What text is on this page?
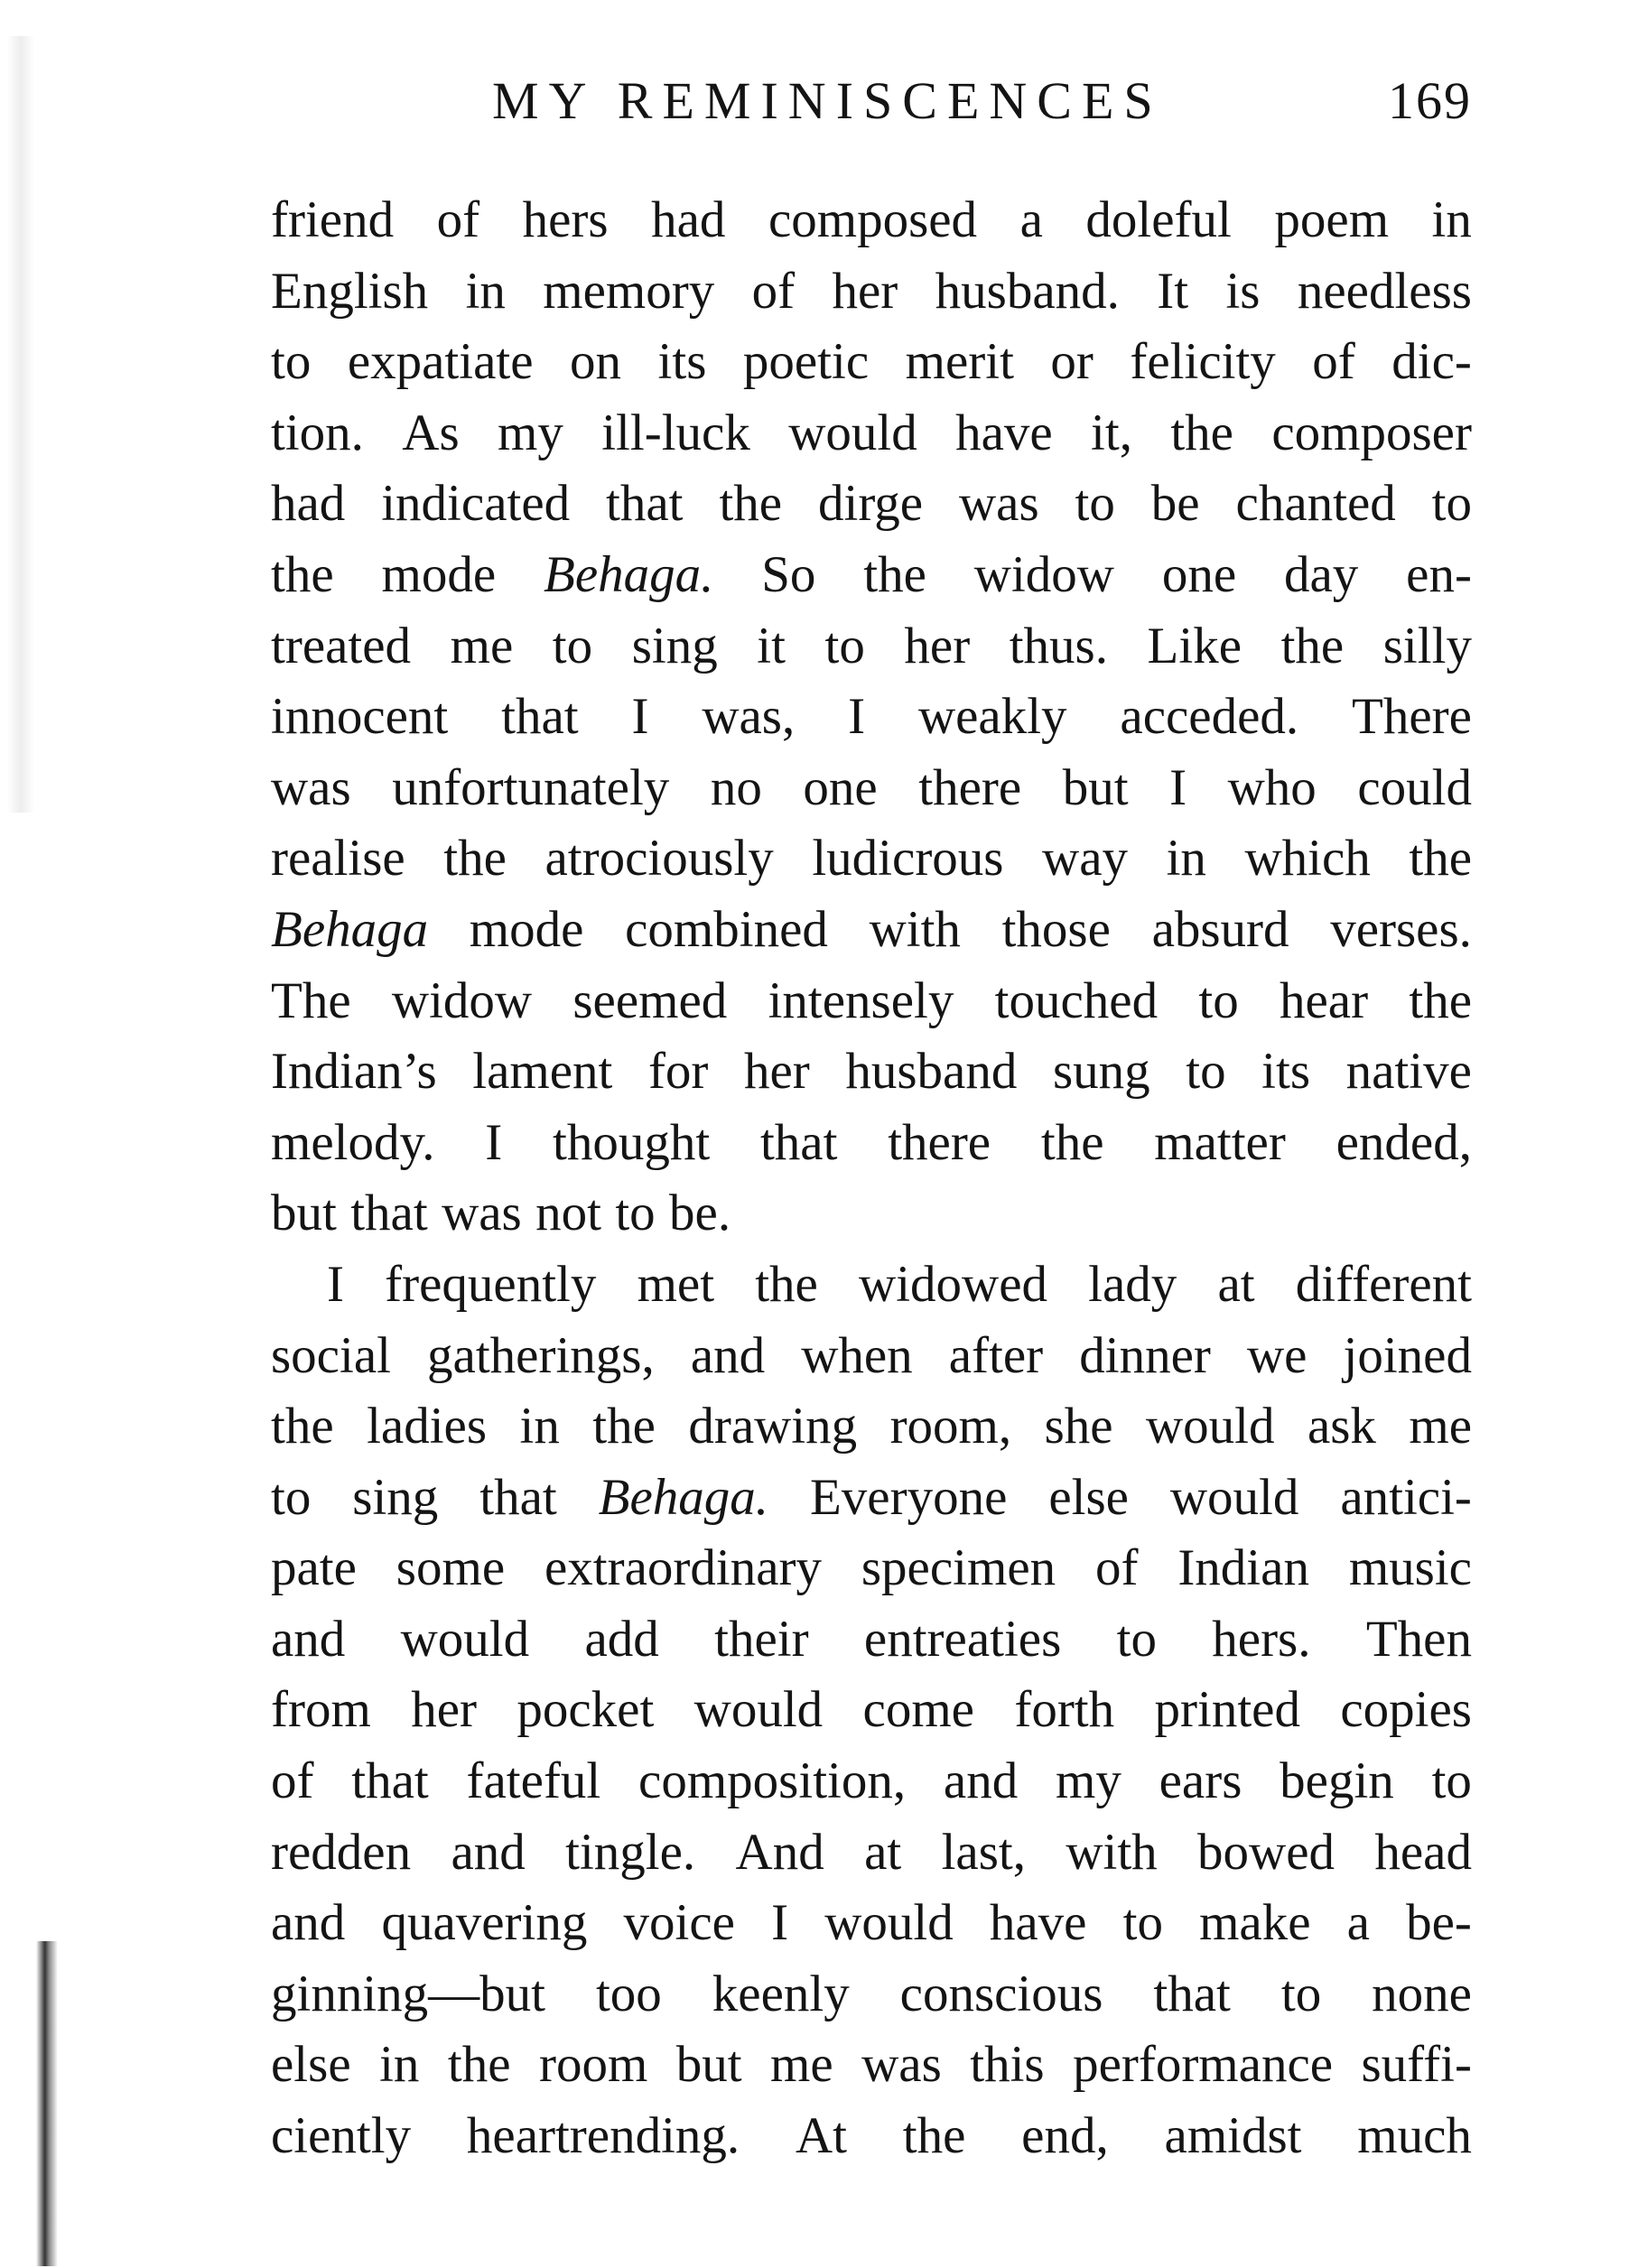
MY REMINISCENCES	169
friend of hers had composed a doleful poem in
English in memory of her husband. It is needless
to expatiate on its poetic merit or felicity of dic-
tion. As my ill-luck would have it, the composer
had indicated that the dirge was to be chanted to
the mode Behaga. So the widow one day en-
treated me to sing it to her thus. Like the silly
innocent that I was, I weakly acceded. There
was unfortunately no one there but I who could
realise the atrociously ludicrous way in which the
Behaga mode combined with those absurd verses.
The widow seemed intensely touched to hear the
Indian’s lament for her husband sung to its native
melody. I thought that there the matter ended,
but that was not to be.
I frequently met the widowed lady at different
social gatherings, and when after dinner we joined
the ladies in the drawing room, she would ask me
to sing that Behaga. Everyone else would antici-
pate some extraordinary specimen of Indian music
and would add their entreaties to hers. Then
from her pocket would come forth printed copies
of that fateful composition, and my ears begin to
redden and tingle. And at last, with bowed head
and quavering voice I would have to make a be-
ginning—but too keenly conscious that to none
else in the room but me was this performance suffi-
ciently heartrending. At the end, amidst much
